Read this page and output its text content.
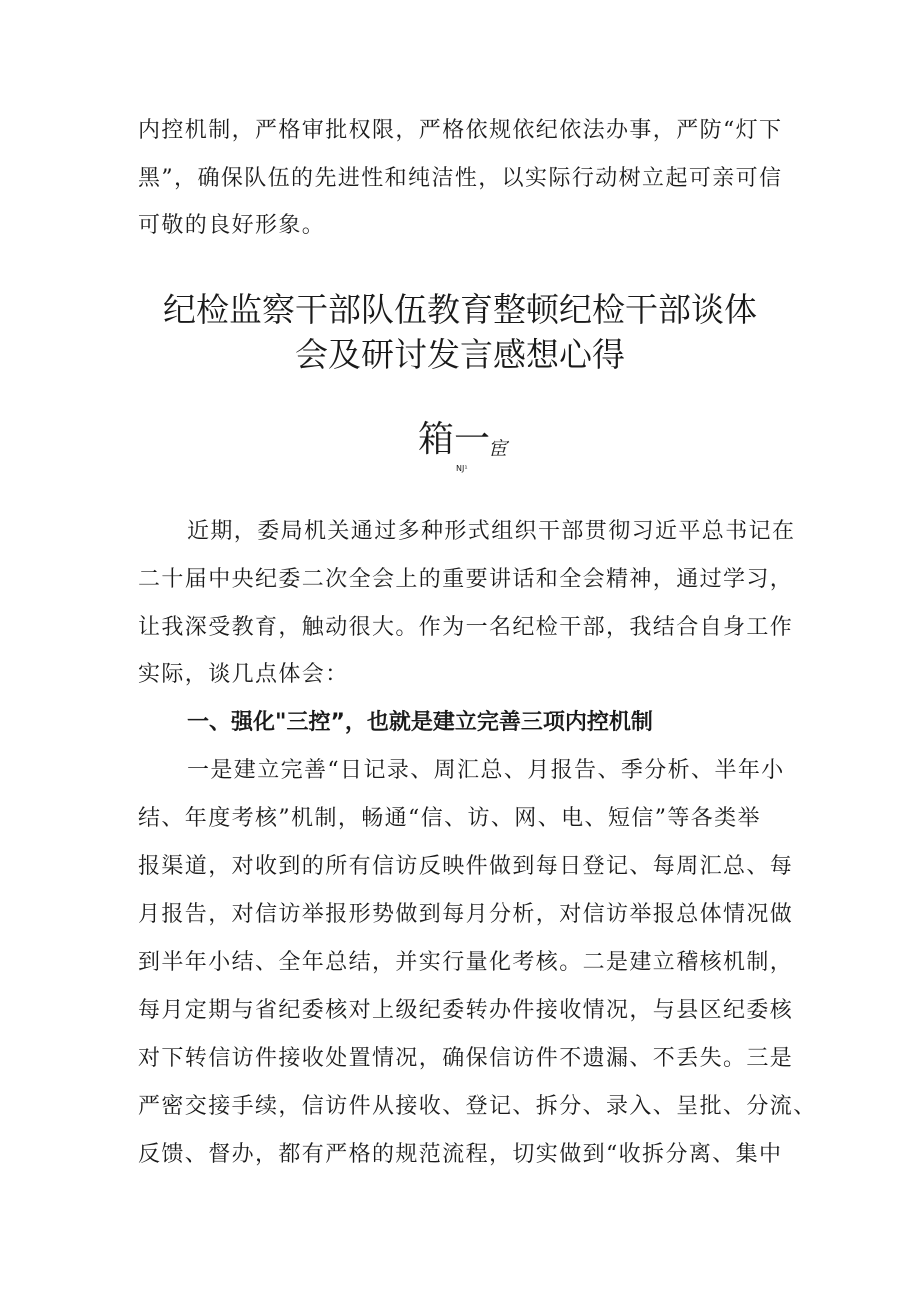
内控机制，严格审批权限，严格依规依纪依法办事，严防“灯下
黑”，确保队伍的先进性和纯洁性，以实际行动树立起可亲可信
可敬的良好形象。
纪检监察干部队伍教育整顿纪检干部谈体
会及研讨发言感想心得
箱一
宦
NJ¹
近期，委局机关通过多种形式组织干部贯彻习近平总书记在
二十届中央纪委二次全会上的重要讲话和全会精神，通过学习，
让我深受教育，触动很大。作为一名纪检干部，我结合自身工作
实际，谈几点体会：
一、强化"三控”，也就是建立完善三项内控机制
一是建立完善“日记录、周汇总、月报告、季分析、半年小
结、年度考核”机制，畅通“信、访、网、电、短信”等各类举
报渠道，对收到的所有信访反映件做到每日登记、每周汇总、每
月报告，对信访举报形势做到每月分析，对信访举报总体情况做
到半年小结、全年总结，并实行量化考核。二是建立稽核机制，
每月定期与省纪委核对上级纪委转办件接收情况，与县区纪委核
对下转信访件接收处置情况，确保信访件不遗漏、不丢失。三是
严密交接手续，信访件从接收、登记、拆分、录入、呈批、分流、
反馈、督办，都有严格的规范流程，切实做到“收拆分离、集中
